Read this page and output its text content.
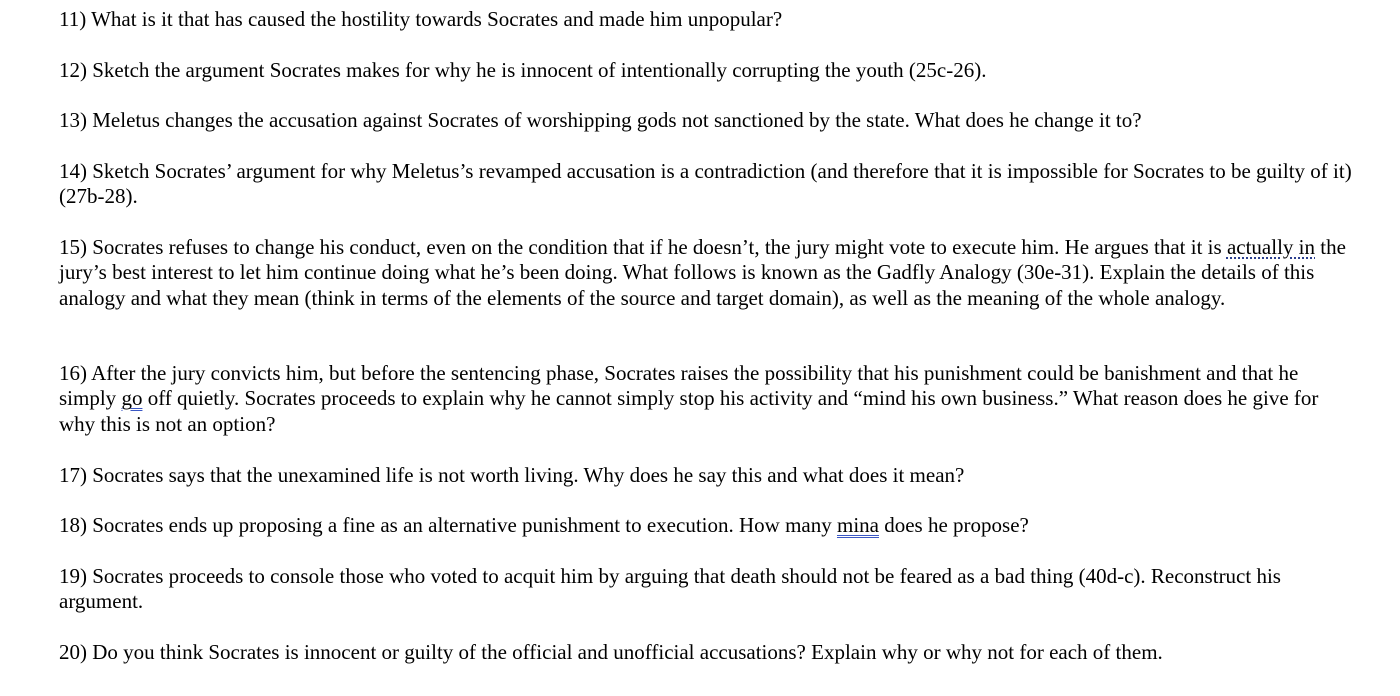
11) What is it that has caused the hostility towards Socrates and made him unpopular?

12) Sketch the argument Socrates makes for why he is innocent of intentionally corrupting the youth (25c-26).

13) Meletus changes the accusation against Socrates of worshipping gods not sanctioned by the state. What does he change it to?

14) Sketch Socrates’ argument for why Meletus’s revamped accusation is a contradiction (and therefore that it is impossible for Socrates to be guilty of it) (27b-28).

15) Socrates refuses to change his conduct, even on the condition that if he doesn’t, the jury might vote to execute him. He argues that it is actually in the jury’s best interest to let him continue doing what he’s been doing. What follows is known as the Gadfly Analogy (30e-31). Explain the details of this analogy and what they mean (think in terms of the elements of the source and target domain), as well as the meaning of the whole analogy.

16) After the jury convicts him, but before the sentencing phase, Socrates raises the possibility that his punishment could be banishment and that he simply go off quietly. Socrates proceeds to explain why he cannot simply stop his activity and “mind his own business.” What reason does he give for why this is not an option?

17) Socrates says that the unexamined life is not worth living. Why does he say this and what does it mean?

18) Socrates ends up proposing a fine as an alternative punishment to execution. How many mina does he propose?

19) Socrates proceeds to console those who voted to acquit him by arguing that death should not be feared as a bad thing (40d-c). Reconstruct his argument.

20) Do you think Socrates is innocent or guilty of the official and unofficial accusations? Explain why or why not for each of them.
